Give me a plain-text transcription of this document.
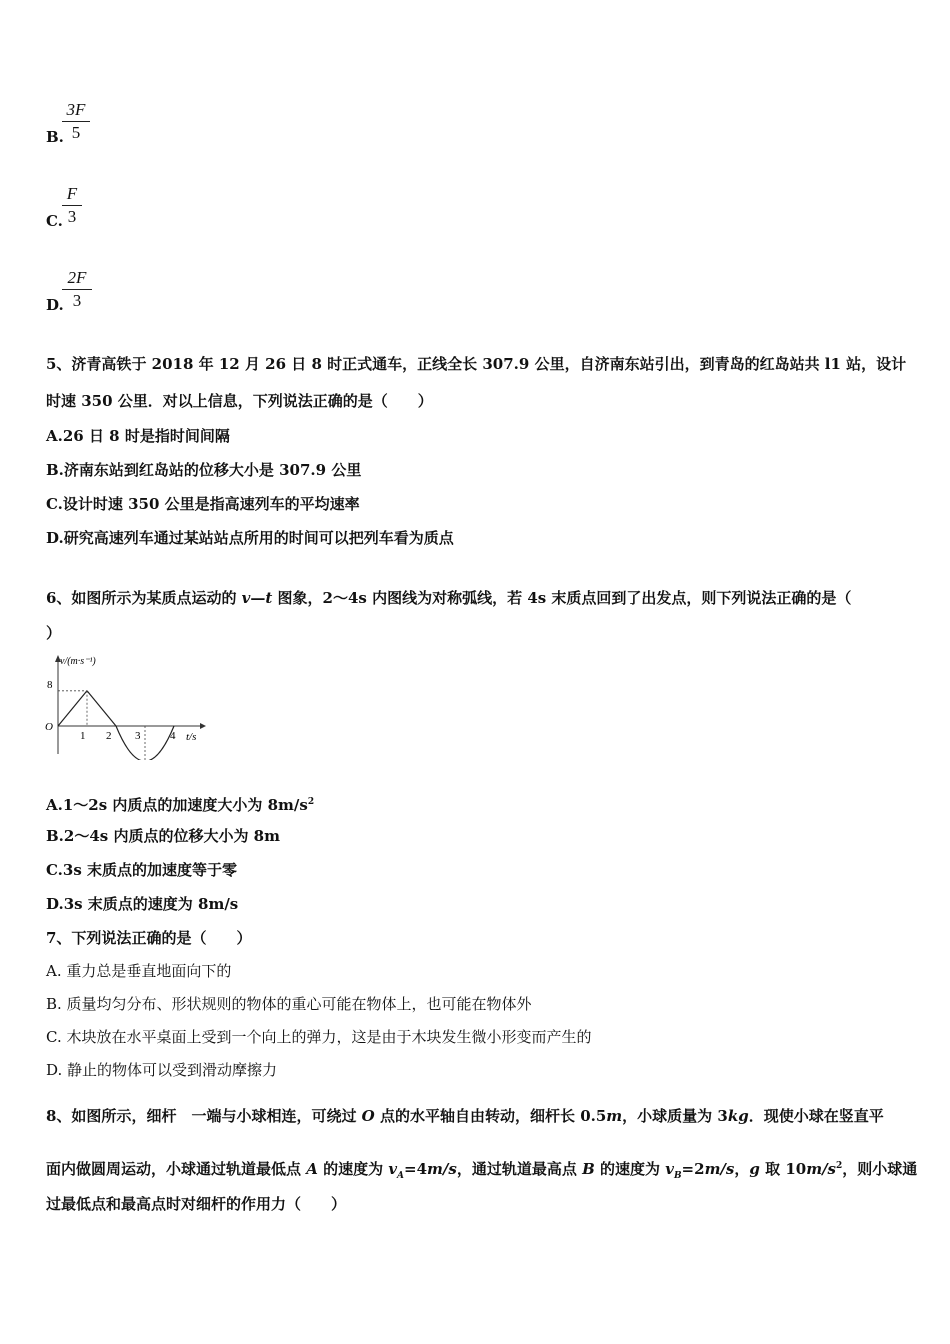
B.
3F
5
C.
F
3
D.
2F
3
5、济青高铁于 2018 年 12 月 26 日 8 时正式通车，正线全长 307.9 公里，自济南东站引出，到青岛的红岛站共 l1 站，设计
时速 350 公里．对以上信息，下列说法正确的是（　　）
A.26 日 8 时是指时间间隔
B.济南东站到红岛站的位移大小是 307.9 公里
C.设计时速 350 公里是指高速列车的平均速率
D.研究高速列车通过某站站点所用的时间可以把列车看为质点
6、如图所示为某质点运动的 v—t 图象，2～4s 内图线为对称弧线，若 4s 末质点回到了出发点，则下列说法正确的是（
）
v/(m·s⁻¹)
t/s
O
8
1 2 3	4
A.1～2s 内质点的加速度大小为 $8m/s^2$
B.2～4s 内质点的位移大小为 8m
C.3s 末质点的加速度等于零
D.3s 末质点的速度为 8m/s
7、下列说法正确的是（　　）
A. 重力总是垂直地面向下的
B. 质量均匀分布、形状规则的物体的重心可能在物体上，也可能在物体外
C. 木块放在水平桌面上受到一个向上的弹力，这是由于木块发生微小形变而产生的
D. 静止的物体可以受到滑动摩擦力
8、如图所示，细杆　一端与小球相连，可绕过 O 点的水平轴自由转动，细杆长 0.5m，小球质量为 3kg．现使小球在竖直平
面内做圆周运动，小球通过轨道最低点 A 的速度为 $v_A=4m/s$，通过轨道最高点 B 的速度为 $v_B=2m/s$，g 取 $10m/s^2$，则小球通
过最低点和最高点时对细杆的作用力（　　）
